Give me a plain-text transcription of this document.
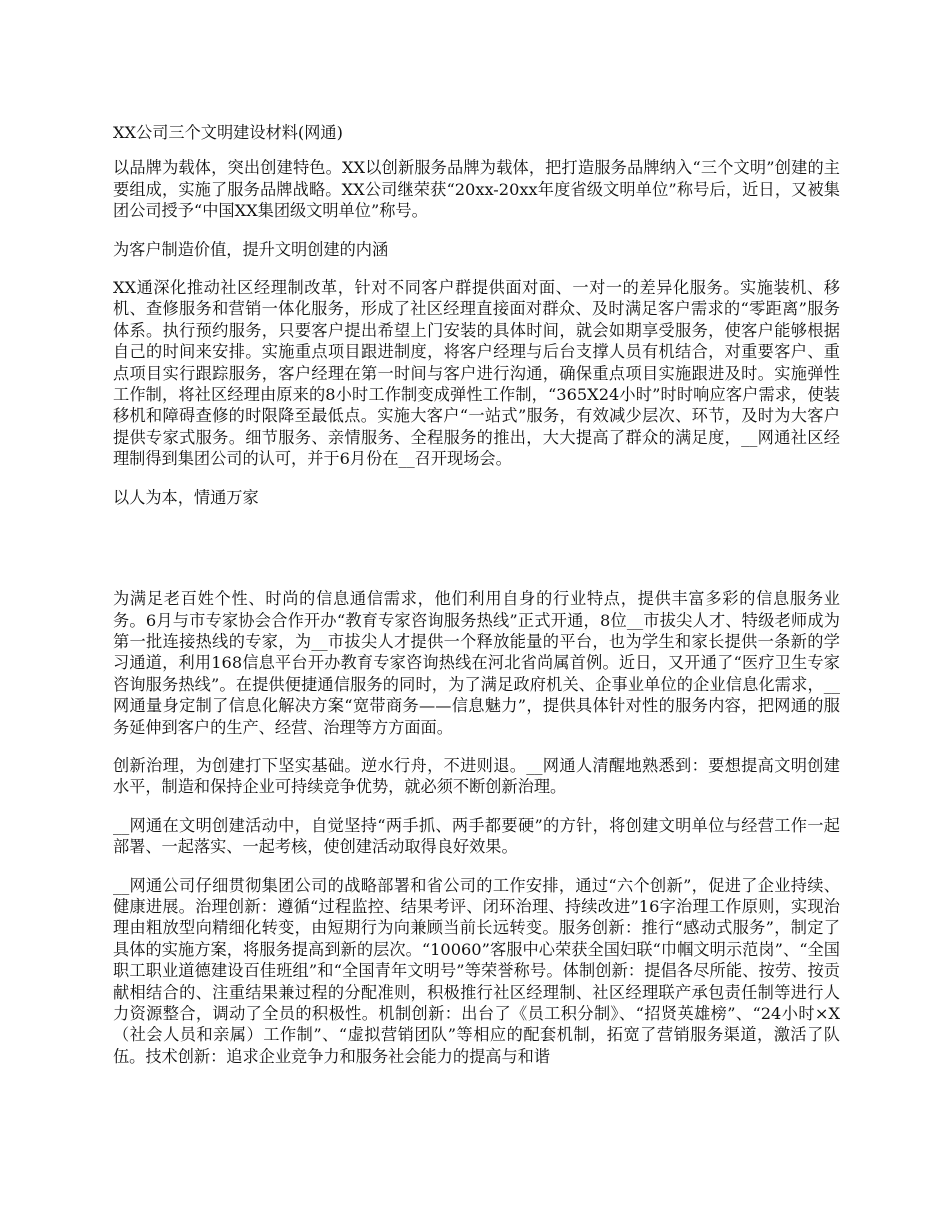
XX公司三个文明建设材料(网通)

以品牌为载体，突出创建特色。XX以创新服务品牌为载体，把打造服务品牌纳入“三个文明”创建的主要组成，实施了服务品牌战略。XX公司继荣获“20xx-20xx年度省级文明单位”称号后，近日，又被集团公司授予“中国XX集团级文明单位”称号。

为客户制造价值，提升文明创建的内涵

XX通深化推动社区经理制改革，针对不同客户群提供面对面、一对一的差异化服务。实施装机、移机、查修服务和营销一体化服务，形成了社区经理直接面对群众、及时满足客户需求的“零距离”服务体系。执行预约服务，只要客户提出希望上门安装的具体时间，就会如期享受服务，使客户能够根据自己的时间来安排。实施重点项目跟进制度，将客户经理与后台支撑人员有机结合，对重要客户、重点项目实行跟踪服务，客户经理在第一时间与客户进行沟通，确保重点项目实施跟进及时。实施弹性工作制，将社区经理由原来的8小时工作制变成弹性工作制，“365X24小时”时时响应客户需求，使装移机和障碍查修的时限降至最低点。实施大客户“一站式”服务，有效减少层次、环节，及时为大客户提供专家式服务。细节服务、亲情服务、全程服务的推出，大大提高了群众的满足度，__网通社区经理制得到集团公司的认可，并于6月份在__召开现场会。

以人为本，情通万家

为满足老百姓个性、时尚的信息通信需求，他们利用自身的行业特点，提供丰富多彩的信息服务业务。6月与市专家协会合作开办“教育专家咨询服务热线”正式开通，8位__市拔尖人才、特级老师成为第一批连接热线的专家，为__市拔尖人才提供一个释放能量的平台，也为学生和家长提供一条新的学习通道，利用168信息平台开办教育专家咨询热线在河北省尚属首例。近日，又开通了“医疗卫生专家咨询服务热线”。在提供便捷通信服务的同时，为了满足政府机关、企事业单位的企业信息化需求，__网通量身定制了信息化解决方案“宽带商务——信息魅力”，提供具体针对性的服务内容，把网通的服务延伸到客户的生产、经营、治理等方方面面。

创新治理，为创建打下坚实基础。逆水行舟，不进则退。__网通人清醒地熟悉到：要想提高文明创建水平，制造和保持企业可持续竞争优势，就必须不断创新治理。

__网通在文明创建活动中，自觉坚持“两手抓、两手都要硬”的方针，将创建文明单位与经营工作一起部署、一起落实、一起考核，使创建活动取得良好效果。

__网通公司仔细贯彻集团公司的战略部署和省公司的工作安排，通过“六个创新”，促进了企业持续、健康进展。治理创新：遵循“过程监控、结果考评、闭环治理、持续改进”16字治理工作原则，实现治理由粗放型向精细化转变，由短期行为向兼顾当前长远转变。服务创新：推行“感动式服务”，制定了具体的实施方案，将服务提高到新的层次。“10060”客服中心荣获全国妇联“巾帼文明示范岗”、“全国职工职业道德建设百佳班组”和“全国青年文明号”等荣誉称号。体制创新：提倡各尽所能、按劳、按贡献相结合的、注重结果兼过程的分配准则，积极推行社区经理制、社区经理联产承包责任制等进行人力资源整合，调动了全员的积极性。机制创新：出台了《员工积分制》、“招贤英雄榜”、“24小时×X（社会人员和亲属）工作制”、“虚拟营销团队”等相应的配套机制，拓宽了营销服务渠道，激活了队伍。技术创新：追求企业竞争力和服务社会能力的提高与和谐
